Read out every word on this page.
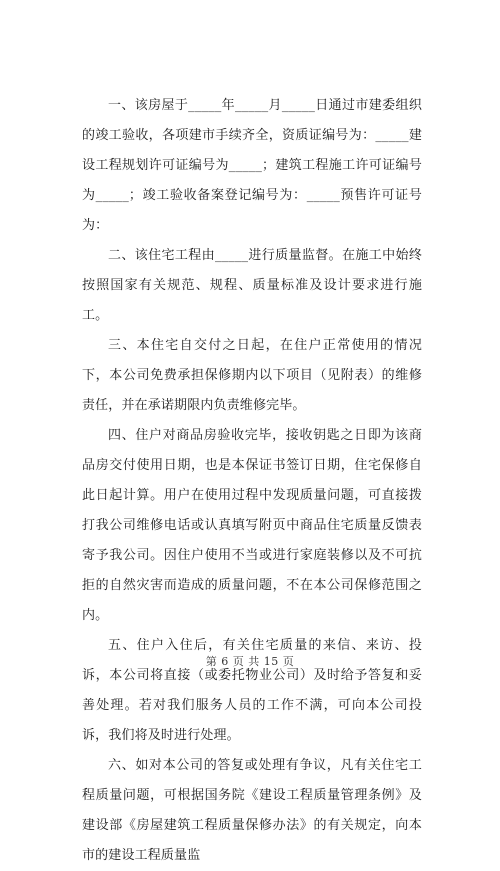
一、该房屋于_____年_____月_____日通过市建委组织的竣工验收，各项建市手续齐全，资质证编号为：_____建设工程规划许可证编号为_____；建筑工程施工许可证编号为_____；竣工验收备案登记编号为：_____预售许可证号为：

二、该住宅工程由_____进行质量监督。在施工中始终按照国家有关规范、规程、质量标准及设计要求进行施工。

三、本住宅自交付之日起，在住户正常使用的情况下，本公司免费承担保修期内以下项目（见附表）的维修责任，并在承诺期限内负责维修完毕。

四、住户对商品房验收完毕，接收钥匙之日即为该商品房交付使用日期，也是本保证书签订日期，住宅保修自此日起计算。用户在使用过程中发现质量问题，可直接拨打我公司维修电话或认真填写附页中商品住宅质量反馈表寄予我公司。因住户使用不当或进行家庭装修以及不可抗拒的自然灾害而造成的质量问题，不在本公司保修范围之内。

五、住户入住后，有关住宅质量的来信、来访、投诉，本公司将直接（或委托物业公司）及时给予答复和妥善处理。若对我们服务人员的工作不满，可向本公司投诉，我们将及时进行处理。

六、如对本公司的答复或处理有争议，凡有关住宅工程质量问题，可根据国务院《建设工程质量管理条例》及建设部《房屋建筑工程质量保修办法》的有关规定，向本市的建设工程质量监

第 6 页 共 15 页
